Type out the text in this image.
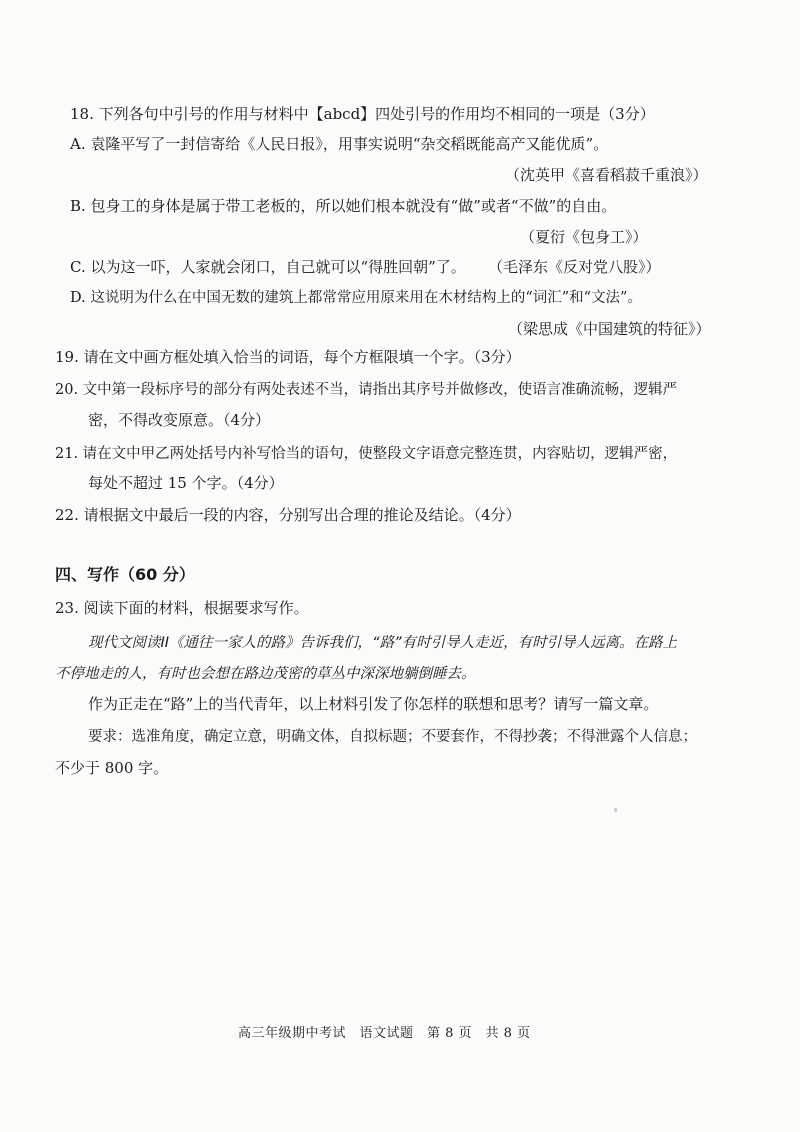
18. 下列各句中引号的作用与材料中【abcd】四处引号的作用均不相同的一项是（3分）
A. 袁隆平写了一封信寄给《人民日报》，用事实说明“杂交稻既能高产又能优质”。
（沈英甲《喜看稻菽千重浪》）
B. 包身工的身体是属于带工老板的，所以她们根本就没有“做”或者“不做”的自由。
（夏衍《包身工》）
C. 以为这一吓，人家就会闭口，自己就可以“得胜回朝”了。 （毛泽东《反对党八股》）
D. 这说明为什么在中国无数的建筑上都常常应用原来用在木材结构上的“词汇”和“文法”。
（梁思成《中国建筑的特征》）
19. 请在文中画方框处填入恰当的词语，每个方框限填一个字。（3分）
20. 文中第一段标序号的部分有两处表述不当，请指出其序号并做修改，使语言准确流畅，逻辑严
密，不得改变原意。（4分）
21. 请在文中甲乙两处括号内补写恰当的语句，使整段文字语意完整连贯，内容贴切，逻辑严密，
每处不超过 15 个字。（4分）
22. 请根据文中最后一段的内容，分别写出合理的推论及结论。（4分）
四、写作（60 分）
23. 阅读下面的材料，根据要求写作。
现代文阅读II《通往一家人的路》告诉我们，“路”有时引导人走近，有时引导人远离。在路上
不停地走的人，有时也会想在路边茂密的草丛中深深地躺倒睡去。
作为正走在“路”上的当代青年，以上材料引发了你怎样的联想和思考？请写一篇文章。
要求：选准角度，确定立意，明确文体，自拟标题；不要套作，不得抄袭；不得泄露个人信息；
不少于 800 字。
高三年级期中考试　语文试题　第 8 页　共 8 页
